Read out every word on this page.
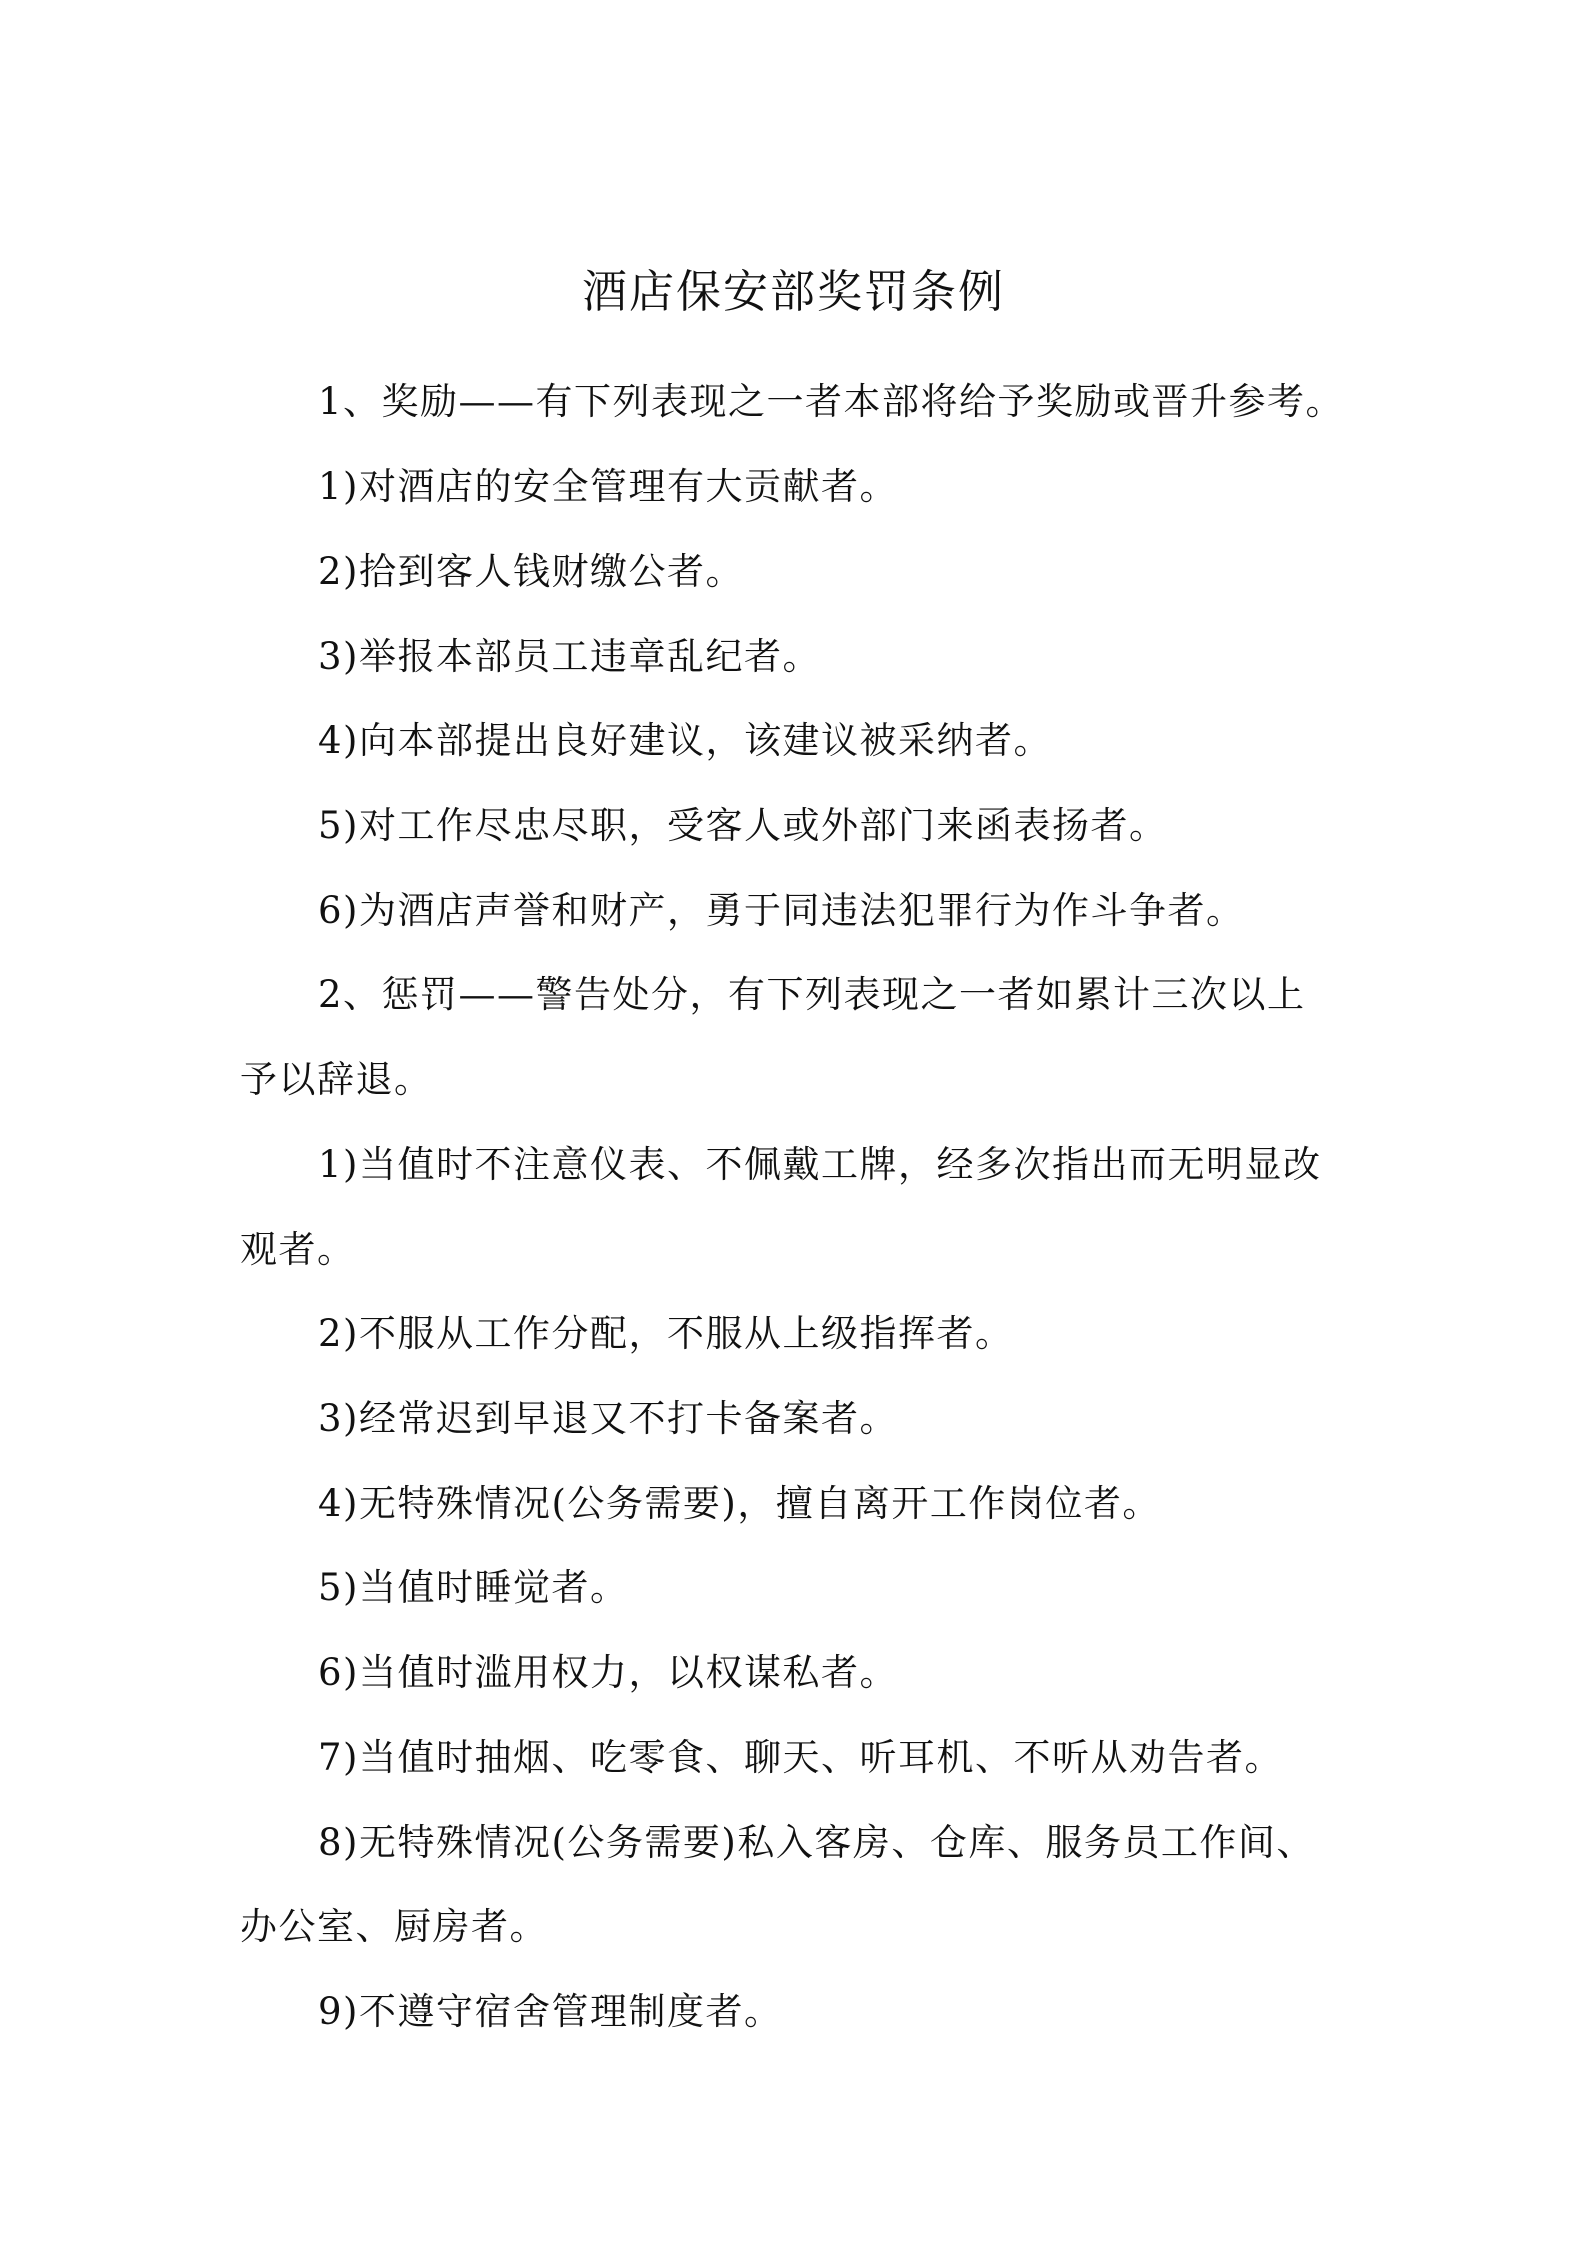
酒店保安部奖罚条例
1、奖励——有下列表现之一者本部将给予奖励或晋升参考。
1)对酒店的安全管理有大贡献者。
2)拾到客人钱财缴公者。
3)举报本部员工违章乱纪者。
4)向本部提出良好建议，该建议被采纳者。
5)对工作尽忠尽职，受客人或外部门来函表扬者。
6)为酒店声誉和财产，勇于同违法犯罪行为作斗争者。
2、惩罚——警告处分，有下列表现之一者如累计三次以上
予以辞退。
1)当值时不注意仪表、不佩戴工牌，经多次指出而无明显改
观者。
2)不服从工作分配，不服从上级指挥者。
3)经常迟到早退又不打卡备案者。
4)无特殊情况(公务需要)，擅自离开工作岗位者。
5)当值时睡觉者。
6)当值时滥用权力，以权谋私者。
7)当值时抽烟、吃零食、聊天、听耳机、不听从劝告者。
8)无特殊情况(公务需要)私入客房、仓库、服务员工作间、
办公室、厨房者。
9)不遵守宿舍管理制度者。
